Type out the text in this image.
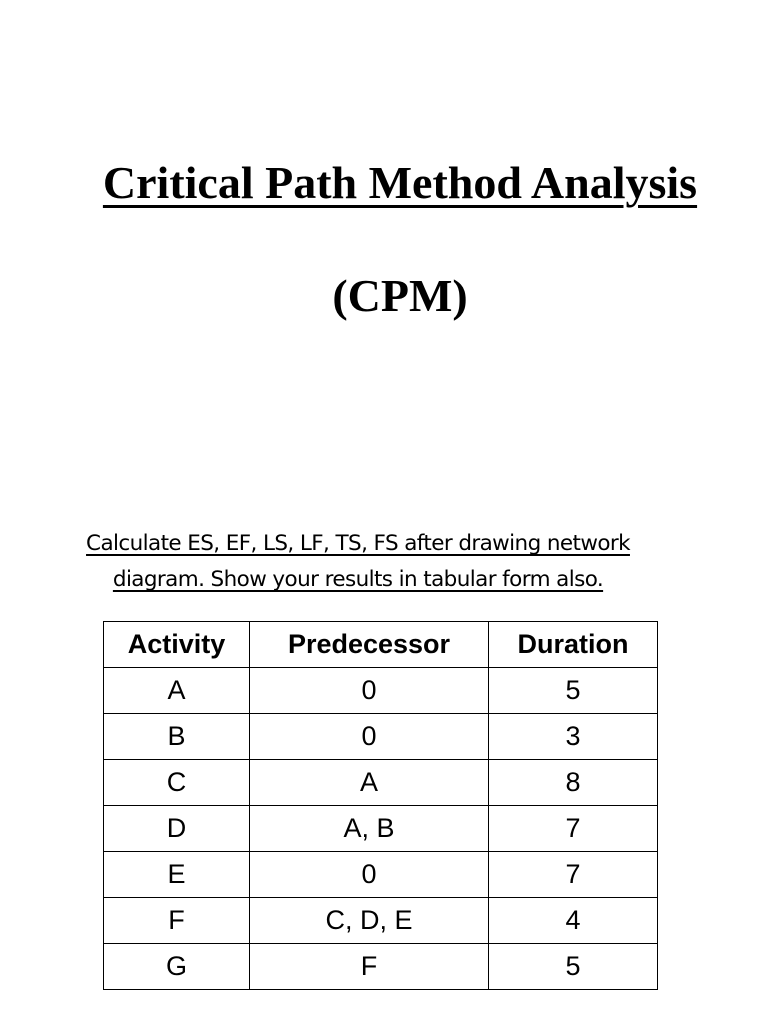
Critical Path Method Analysis
(CPM)
Calculate ES, EF, LS, LF, TS, FS after drawing network
diagram. Show your results in tabular form also.
Activity	Predecessor	Duration
A	0	5
B	0	3
C	A	8
D	A, B	7
E	0	7
F	C, D, E	4
G	F	5
